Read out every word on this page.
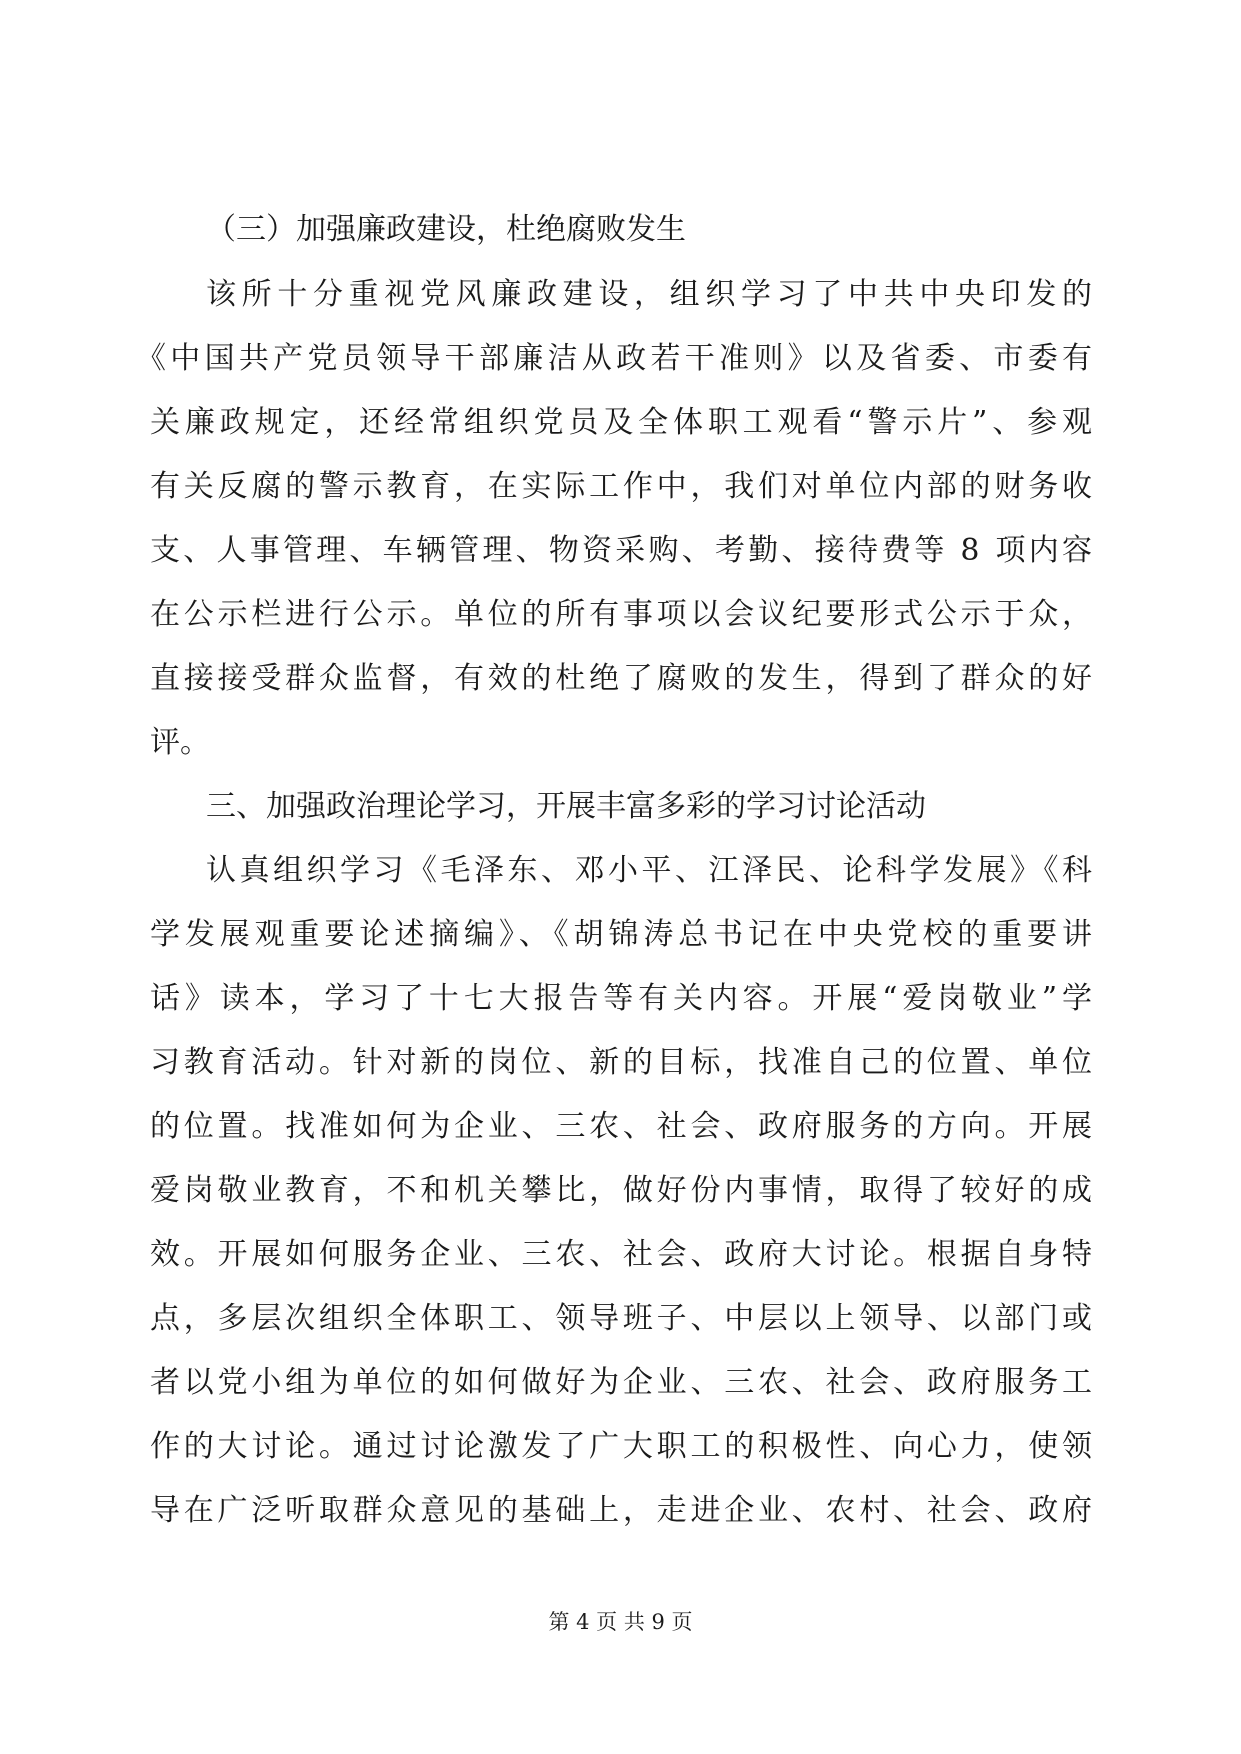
（三）加强廉政建设，杜绝腐败发生
该所十分重视党风廉政建设，组织学习了中共中央印发的
《中国共产党员领导干部廉洁从政若干准则》以及省委、市委有
关廉政规定，还经常组织党员及全体职工观看“警示片”、参观
有关反腐的警示教育，在实际工作中，我们对单位内部的财务收
支、人事管理、车辆管理、物资采购、考勤、接待费等 8 项内容
在公示栏进行公示。单位的所有事项以会议纪要形式公示于众，
直接接受群众监督，有效的杜绝了腐败的发生，得到了群众的好
评。
三、加强政治理论学习，开展丰富多彩的学习讨论活动
认真组织学习《毛泽东、邓小平、江泽民、论科学发展》《科
学发展观重要论述摘编》、《胡锦涛总书记在中央党校的重要讲
话》读本，学习了十七大报告等有关内容。开展“爱岗敬业”学
习教育活动。针对新的岗位、新的目标，找准自己的位置、单位
的位置。找准如何为企业、三农、社会、政府服务的方向。开展
爱岗敬业教育，不和机关攀比，做好份内事情，取得了较好的成
效。开展如何服务企业、三农、社会、政府大讨论。根据自身特
点，多层次组织全体职工、领导班子、中层以上领导、以部门或
者以党小组为单位的如何做好为企业、三农、社会、政府服务工
作的大讨论。通过讨论激发了广大职工的积极性、向心力，使领
导在广泛听取群众意见的基础上，走进企业、农村、社会、政府
第 4 页 共 9 页
